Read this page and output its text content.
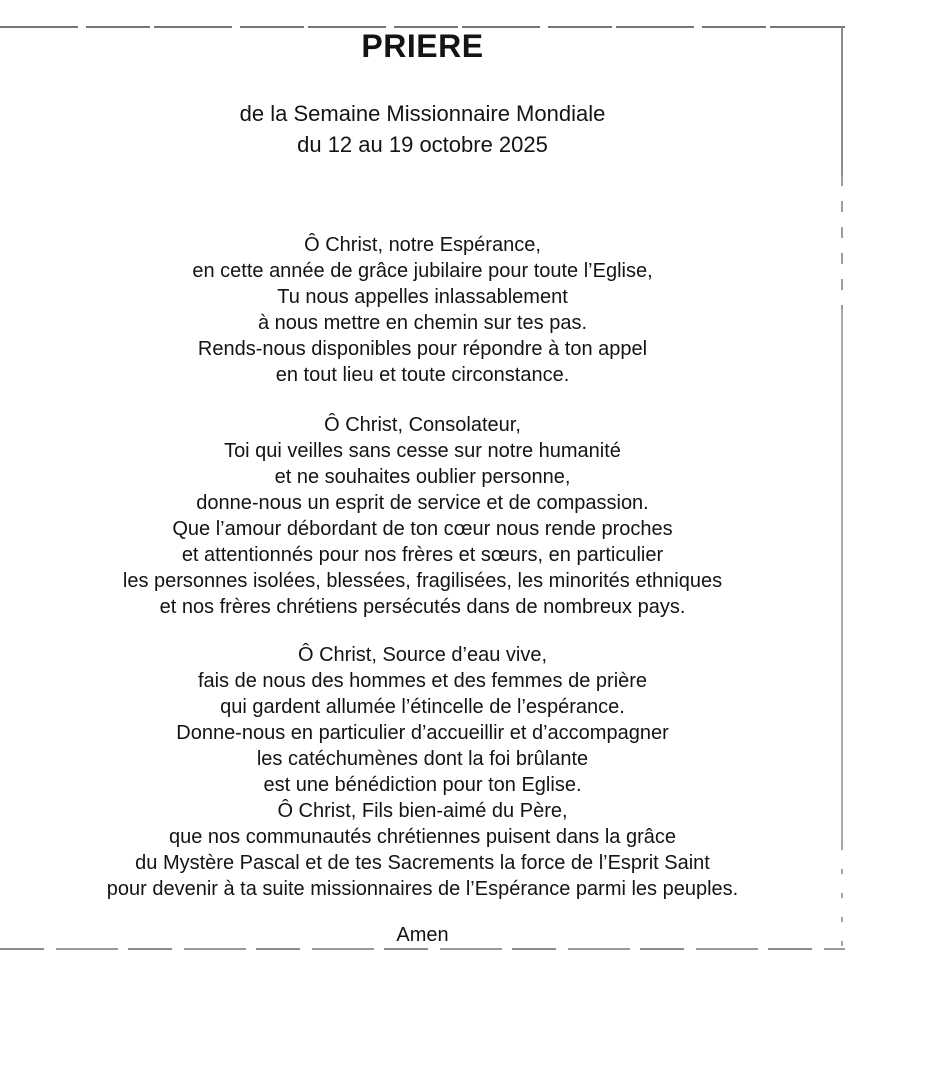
PRIERE
de la Semaine Missionnaire Mondiale
du 12 au 19 octobre 2025
Ô Christ, notre Espérance,
en cette année de grâce jubilaire pour toute l’Eglise,
Tu nous appelles inlassablement
à nous mettre en chemin sur tes pas.
Rends-nous disponibles pour répondre à ton appel
en tout lieu et toute circonstance.
Ô Christ, Consolateur,
Toi qui veilles sans cesse sur notre humanité
et ne souhaites oublier personne,
donne-nous un esprit de service et de compassion.
Que l’amour débordant de ton cœur nous rende proches
et attentionnés pour nos frères et sœurs, en particulier
les personnes isolées, blessées, fragilisées, les minorités ethniques
et nos frères chrétiens persécutés dans de nombreux pays.
Ô Christ, Source d’eau vive,
fais de nous des hommes et des femmes de prière
qui gardent allumée l’étincelle de l’espérance.
Donne-nous en particulier d’accueillir et d’accompagner
les catéchumènes dont la foi brûlante
est une bénédiction pour ton Eglise.
Ô Christ, Fils bien-aimé du Père,
que nos communautés chrétiennes puisent dans la grâce
du Mystère Pascal et de tes Sacrements la force de l’Esprit Saint
pour devenir à ta suite missionnaires de l’Espérance parmi les peuples.
Amen
